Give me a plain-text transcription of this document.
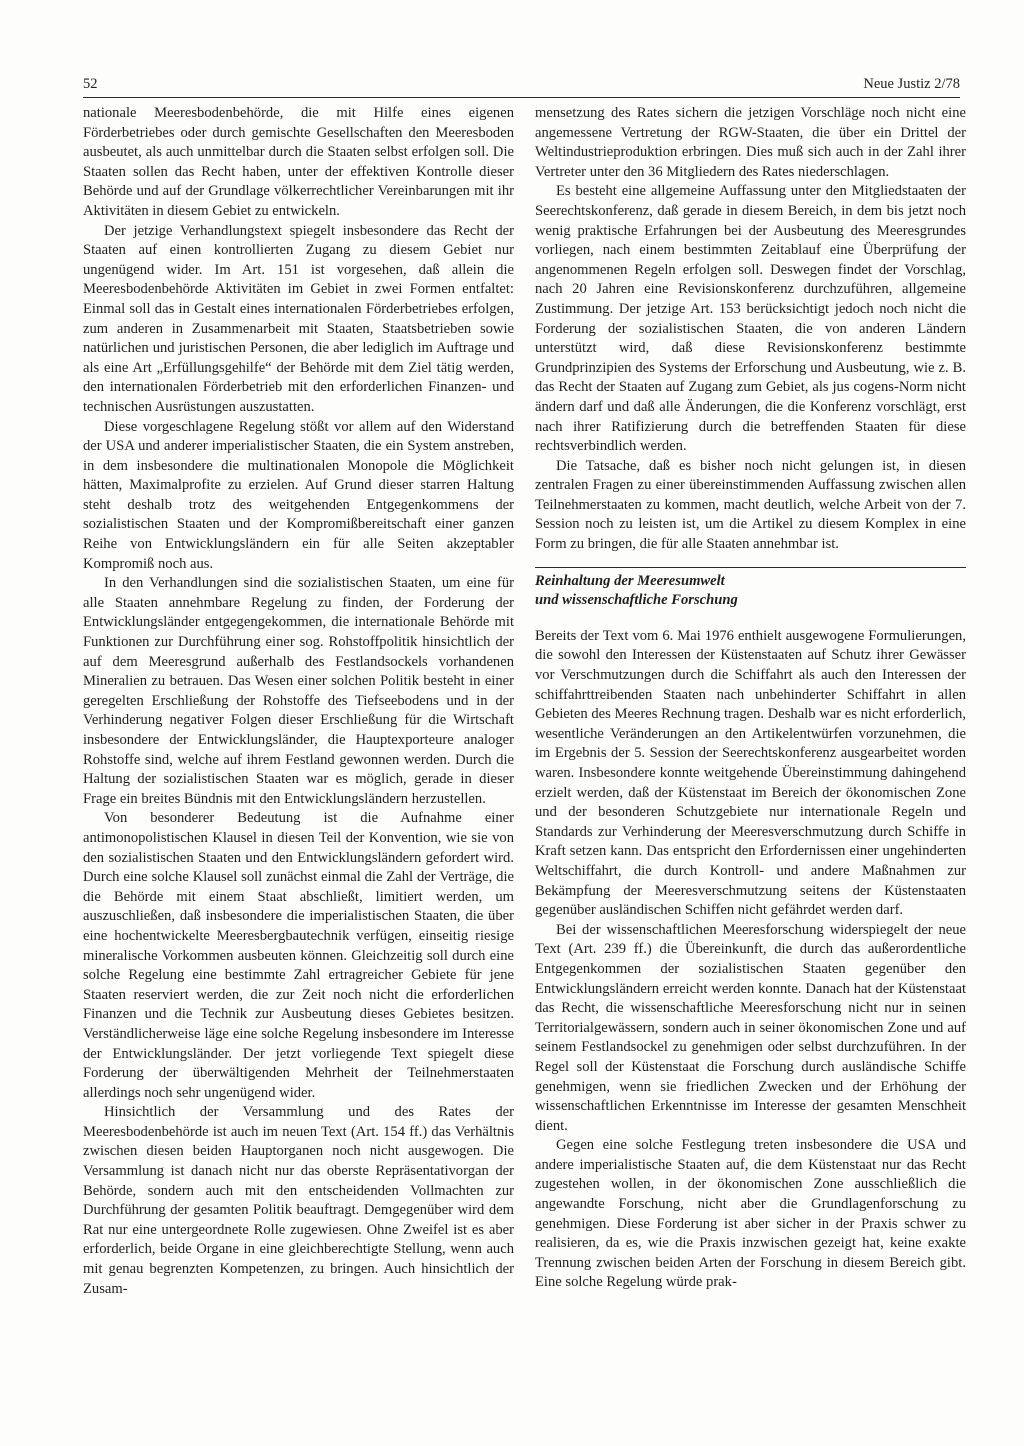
52	Neue Justiz 2/78

nationale Meeresbodenbehörde, die mit Hilfe eines eigenen Förderbetriebes oder durch gemischte Gesellschaften den Meeresboden ausbeutet, als auch unmittelbar durch die Staaten selbst erfolgen soll. Die Staaten sollen das Recht haben, unter der effektiven Kontrolle dieser Behörde und auf der Grundlage völkerrechtlicher Vereinbarungen mit ihr Aktivitäten in diesem Gebiet zu entwickeln.

Der jetzige Verhandlungstext spiegelt insbesondere das Recht der Staaten auf einen kontrollierten Zugang zu diesem Gebiet nur ungenügend wider. Im Art. 151 ist vorgesehen, daß allein die Meeresbodenbehörde Aktivitäten im Gebiet in zwei Formen entfaltet: Einmal soll das in Gestalt eines internationalen Förderbetriebes erfolgen, zum anderen in Zusammenarbeit mit Staaten, Staatsbetrieben sowie natürlichen und juristischen Personen, die aber lediglich im Auftrage und als eine Art „Erfüllungsgehilfe“ der Behörde mit dem Ziel tätig werden, den internationalen Förderbetrieb mit den erforderlichen Finanzen- und technischen Ausrüstungen auszustatten.

Diese vorgeschlagene Regelung stößt vor allem auf den Widerstand der USA und anderer imperialistischer Staaten, die ein System anstreben, in dem insbesondere die multinationalen Monopole die Möglichkeit hätten, Maximalprofite zu erzielen. Auf Grund dieser starren Haltung steht deshalb trotz des weitgehenden Entgegenkommens der sozialistischen Staaten und der Kompromißbereitschaft einer ganzen Reihe von Entwicklungsländern ein für alle Seiten akzeptabler Kompromiß noch aus.

In den Verhandlungen sind die sozialistischen Staaten, um eine für alle Staaten annehmbare Regelung zu finden, der Forderung der Entwicklungsländer entgegengekommen, die internationale Behörde mit Funktionen zur Durchführung einer sog. Rohstoffpolitik hinsichtlich der auf dem Meeresgrund außerhalb des Festlandsockels vorhandenen Mineralien zu betrauen. Das Wesen einer solchen Politik besteht in einer geregelten Erschließung der Rohstoffe des Tiefseebodens und in der Verhinderung negativer Folgen dieser Erschließung für die Wirtschaft insbesondere der Entwicklungsländer, die Hauptexporteure analoger Rohstoffe sind, welche auf ihrem Festland gewonnen werden. Durch die Haltung der sozialistischen Staaten war es möglich, gerade in dieser Frage ein breites Bündnis mit den Entwicklungsländern herzustellen.

Von besonderer Bedeutung ist die Aufnahme einer antimonopolistischen Klausel in diesen Teil der Konvention, wie sie von den sozialistischen Staaten und den Entwicklungsländern gefordert wird. Durch eine solche Klausel soll zunächst einmal die Zahl der Verträge, die die Behörde mit einem Staat abschließt, limitiert werden, um auszuschließen, daß insbesondere die imperialistischen Staaten, die über eine hochentwickelte Meeresbergbautechnik verfügen, einseitig riesige mineralische Vorkommen ausbeuten können. Gleichzeitig soll durch eine solche Regelung eine bestimmte Zahl ertragreicher Gebiete für jene Staaten reserviert werden, die zur Zeit noch nicht die erforderlichen Finanzen und die Technik zur Ausbeutung dieses Gebietes besitzen. Verständlicherweise läge eine solche Regelung insbesondere im Interesse der Entwicklungsländer. Der jetzt vorliegende Text spiegelt diese Forderung der überwältigenden Mehrheit der Teilnehmerstaaten allerdings noch sehr ungenügend wider.

Hinsichtlich der Versammlung und des Rates der Meeresbodenbehörde ist auch im neuen Text (Art. 154 ff.) das Verhältnis zwischen diesen beiden Hauptorganen noch nicht ausgewogen. Die Versammlung ist danach nicht nur das oberste Repräsentativorgan der Behörde, sondern auch mit den entscheidenden Vollmachten zur Durchführung der gesamten Politik beauftragt. Demgegenüber wird dem Rat nur eine untergeordnete Rolle zugewiesen. Ohne Zweifel ist es aber erforderlich, beide Organe in eine gleichberechtigte Stellung, wenn auch mit genau begrenzten Kompetenzen, zu bringen. Auch hinsichtlich der Zusam-

mensetzung des Rates sichern die jetzigen Vorschläge noch nicht eine angemessene Vertretung der RGW-Staaten, die über ein Drittel der Weltindustrieproduktion erbringen. Dies muß sich auch in der Zahl ihrer Vertreter unter den 36 Mitgliedern des Rates niederschlagen.

Es besteht eine allgemeine Auffassung unter den Mitgliedstaaten der Seerechtskonferenz, daß gerade in diesem Bereich, in dem bis jetzt noch wenig praktische Erfahrungen bei der Ausbeutung des Meeresgrundes vorliegen, nach einem bestimmten Zeitablauf eine Überprüfung der angenommenen Regeln erfolgen soll. Deswegen findet der Vorschlag, nach 20 Jahren eine Revisionskonferenz durchzuführen, allgemeine Zustimmung. Der jetzige Art. 153 berücksichtigt jedoch noch nicht die Forderung der sozialistischen Staaten, die von anderen Ländern unterstützt wird, daß diese Revisionskonferenz bestimmte Grundprinzipien des Systems der Erforschung und Ausbeutung, wie z. B. das Recht der Staaten auf Zugang zum Gebiet, als jus cogens-Norm nicht ändern darf und daß alle Änderungen, die die Konferenz vorschlägt, erst nach ihrer Ratifizierung durch die betreffenden Staaten für diese rechtsverbindlich werden.

Die Tatsache, daß es bisher noch nicht gelungen ist, in diesen zentralen Fragen zu einer übereinstimmenden Auffassung zwischen allen Teilnehmerstaaten zu kommen, macht deutlich, welche Arbeit von der 7. Session noch zu leisten ist, um die Artikel zu diesem Komplex in eine Form zu bringen, die für alle Staaten annehmbar ist.

Reinhaltung der Meeresumwelt
und wissenschaftliche Forschung

Bereits der Text vom 6. Mai 1976 enthielt ausgewogene Formulierungen, die sowohl den Interessen der Küstenstaaten auf Schutz ihrer Gewässer vor Verschmutzungen durch die Schiffahrt als auch den Interessen der schiffahrttreibenden Staaten nach unbehinderter Schiffahrt in allen Gebieten des Meeres Rechnung tragen. Deshalb war es nicht erforderlich, wesentliche Veränderungen an den Artikelentwürfen vorzunehmen, die im Ergebnis der 5. Session der Seerechtskonferenz ausgearbeitet worden waren. Insbesondere konnte weitgehende Übereinstimmung dahingehend erzielt werden, daß der Küstenstaat im Bereich der ökonomischen Zone und der besonderen Schutzgebiete nur internationale Regeln und Standards zur Verhinderung der Meeresverschmutzung durch Schiffe in Kraft setzen kann. Das entspricht den Erfordernissen einer ungehinderten Weltschiffahrt, die durch Kontroll- und andere Maßnahmen zur Bekämpfung der Meeresverschmutzung seitens der Küstenstaaten gegenüber ausländischen Schiffen nicht gefährdet werden darf.

Bei der wissenschaftlichen Meeresforschung widerspiegelt der neue Text (Art. 239 ff.) die Übereinkunft, die durch das außerordentliche Entgegenkommen der sozialistischen Staaten gegenüber den Entwicklungsländern erreicht werden konnte. Danach hat der Küstenstaat das Recht, die wissenschaftliche Meeresforschung nicht nur in seinen Territorialgewässern, sondern auch in seiner ökonomischen Zone und auf seinem Festlandsockel zu genehmigen oder selbst durchzuführen. In der Regel soll der Küstenstaat die Forschung durch ausländische Schiffe genehmigen, wenn sie friedlichen Zwecken und der Erhöhung der wissenschaftlichen Erkenntnisse im Interesse der gesamten Menschheit dient.

Gegen eine solche Festlegung treten insbesondere die USA und andere imperialistische Staaten auf, die dem Küstenstaat nur das Recht zugestehen wollen, in der ökonomischen Zone ausschließlich die angewandte Forschung, nicht aber die Grundlagenforschung zu genehmigen. Diese Forderung ist aber sicher in der Praxis schwer zu realisieren, da es, wie die Praxis inzwischen gezeigt hat, keine exakte Trennung zwischen beiden Arten der Forschung in diesem Bereich gibt. Eine solche Regelung würde prak-
